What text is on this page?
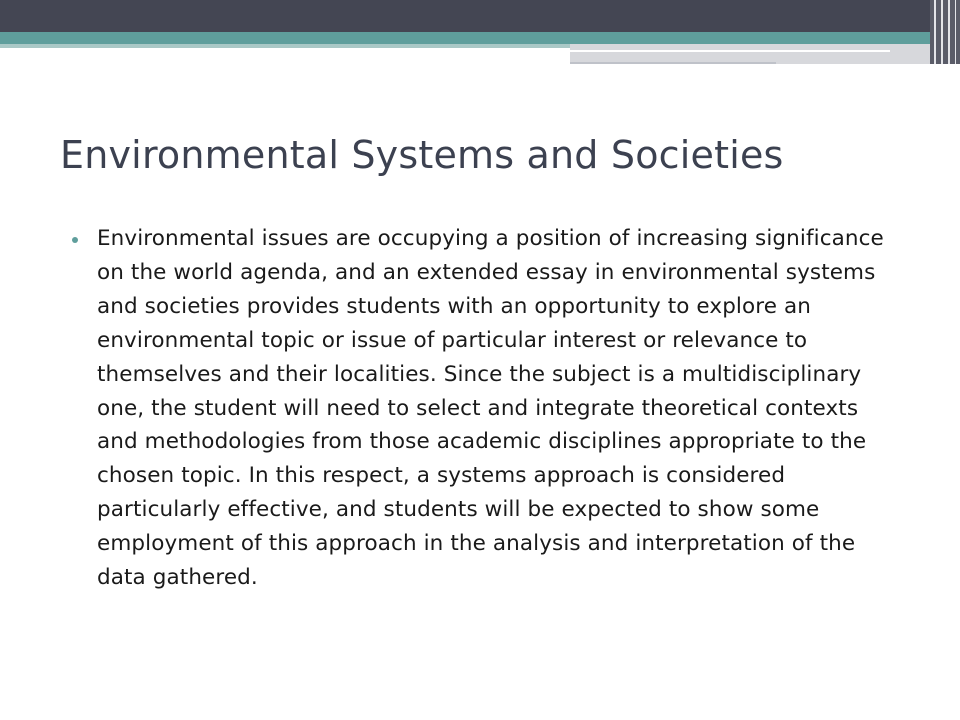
Environmental Systems and Societies

Environmental issues are occupying a position of increasing significance on the world agenda, and an extended essay in environmental systems and societies provides students with an opportunity to explore an environmental topic or issue of particular interest or relevance to themselves and their localities. Since the subject is a multidisciplinary one, the student will need to select and integrate theoretical contexts and methodologies from those academic disciplines appropriate to the chosen topic. In this respect, a systems approach is considered particularly effective, and students will be expected to show some employment of this approach in the analysis and interpretation of the data gathered.
